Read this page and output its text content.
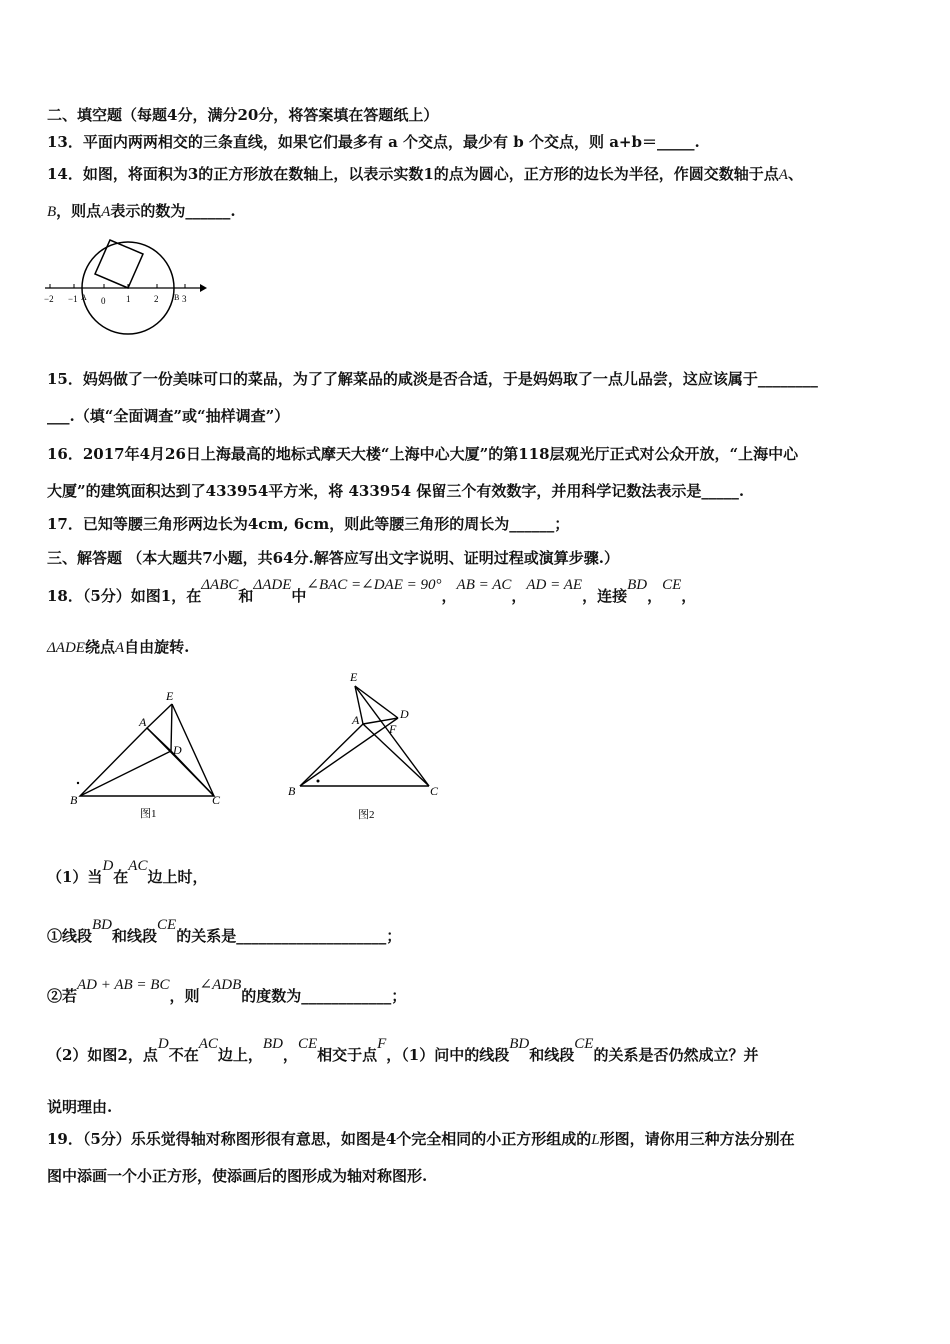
二、填空题（每题4分，满分20分，将答案填在答题纸上）
13．平面内两两相交的三条直线，如果它们最多有 a 个交点，最少有 b 个交点，则 a+b＝_____.
14．如图，将面积为3的正方形放在数轴上，以表示实数1的点为圆心，正方形的边长为半径，作圆交数轴于点A、
B，则点A表示的数为______.
−2 −1 A 0 1	2 B 3
15．妈妈做了一份美味可口的菜品，为了了解菜品的咸淡是否合适，于是妈妈取了一点儿品尝，这应该属于________
___.（填“全面调查”或“抽样调查”）
16．2017年4月26日上海最高的地标式摩天大楼“上海中心大厦”的第118层观光厅正式对公众开放，“上海中心
大厦”的建筑面积达到了433954平方米，将 433954 保留三个有效数字，并用科学记数法表示是_____.
17．已知等腰三角形两边长为4cm, 6cm，则此等腰三角形的周长为______；
三、解答题 （本大题共7小题，共64分.解答应写出文字说明、证明过程或演算步骤.）
18．（5分）如图1，在ΔABC和ΔADE中∠BAC =∠DAE = 90°，AB = AC，AD = AE，连接BD，CE，
ΔADE绕点A自由旋转.
E
A
D
B	C
图1
E
A	D
F
B	C
图2
（1）当D在AC边上时，
①线段BD和线段CE的关系是____________________；
②若AD + AB = BC，则∠ADB的度数为____________；
（2）如图2，点D不在AC边上，BD，CE相交于点F，（1）问中的线段BD和线段CE的关系是否仍然成立？并
说明理由.
19．（5分）乐乐觉得轴对称图形很有意思，如图是4个完全相同的小正方形组成的L形图，请你用三种方法分别在
图中添画一个小正方形，使添画后的图形成为轴对称图形.
